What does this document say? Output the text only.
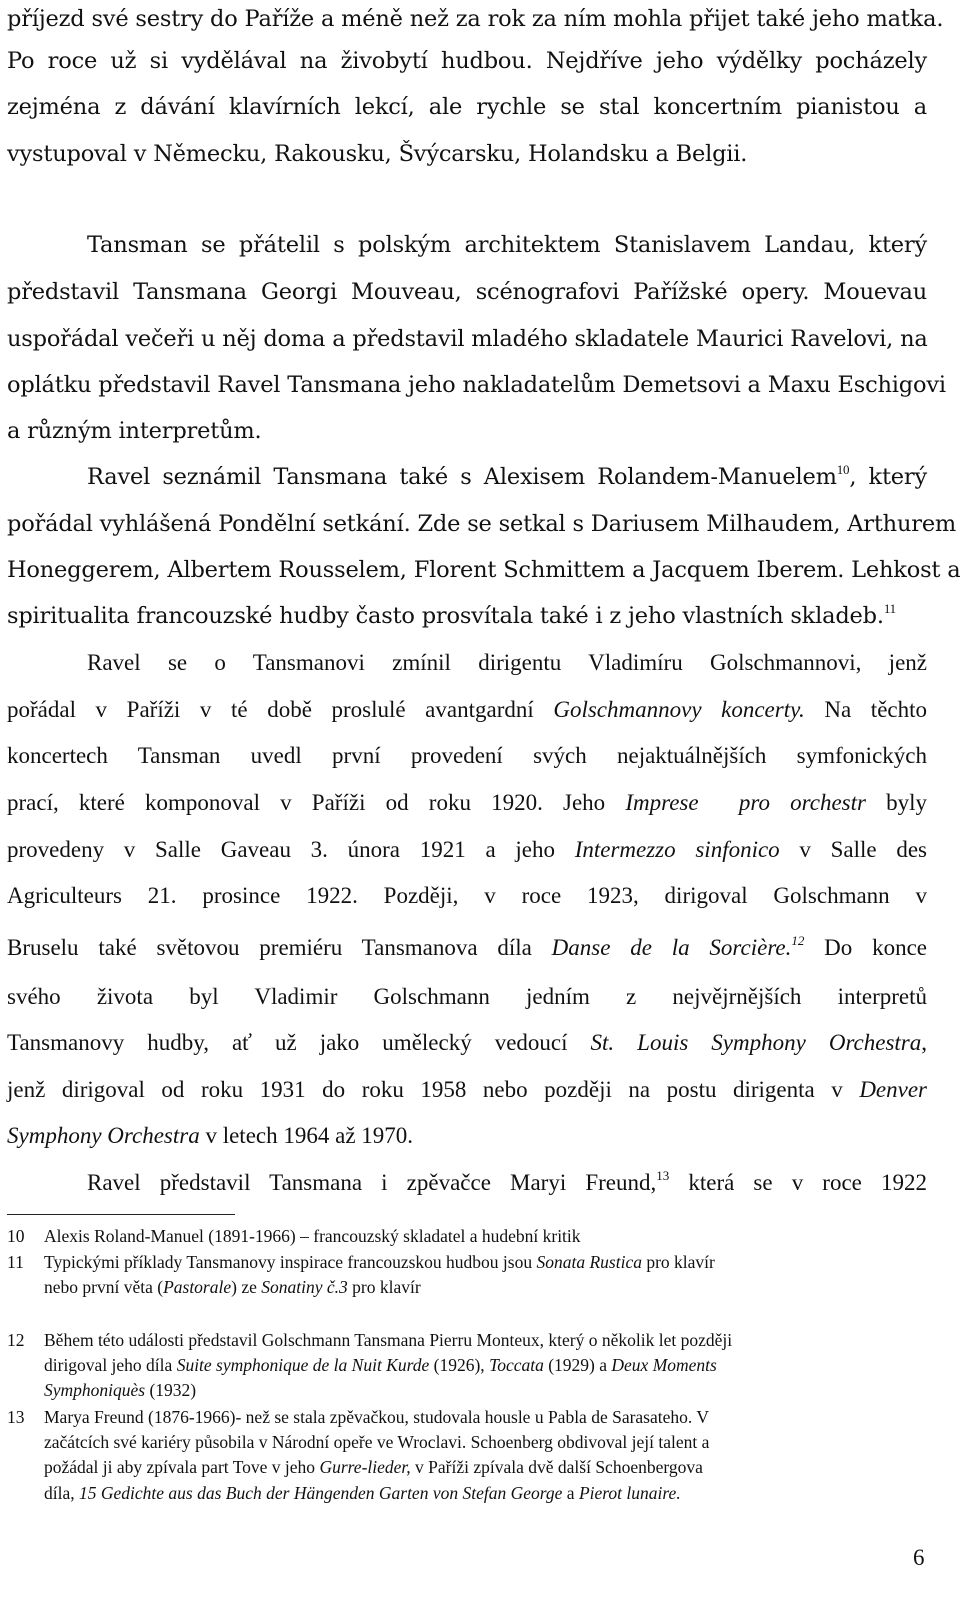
příjezd své sestry do Paříže a méně než za rok za ním mohla přijet také jeho matka.

Po roce už si vydělával na živobytí hudbou. Nejdříve jeho výdělky pocházely

zejména z dávání klavírních lekcí, ale rychle se stal koncertním pianistou a

vystupoval v Německu, Rakousku, Švýcarsku, Holandsku a Belgii.

Tansman se přátelil s polským architektem Stanislavem Landau, který

představil Tansmana Georgi Mouveau, scénografovi Pařížské opery. Mouevau

uspořádal večeři u něj doma a představil mladého skladatele Maurici Ravelovi, na

oplátku představil Ravel Tansmana jeho nakladatelům Demetsovi a Maxu Eschigovi

a různým interpretům.

Ravel seznámil Tansmana také s Alexisem Rolandem-Manuelem$^{10}$, který

pořádal vyhlášená Pondělní setkání. Zde se setkal s Dariusem Milhaudem, Arthurem

Honeggerem, Albertem Rousselem, Florent Schmittem a Jacquem Iberem. Lehkost a

spiritualita francouzské hudby často prosvítala také i z jeho vlastních skladeb.$^{11}$

Ravel se o Tansmanovi zmínil dirigentu Vladimíru Golschmannovi, jenž

pořádal v Paříži v té době proslulé avantgardní Golschmannovy koncerty. Na těchto

koncertech Tansman uvedl první provedení svých nejaktuálnějších symfonických

prací, které komponoval v Paříži od roku 1920. Jeho Imprese pro orchestr byly

provedeny v Salle Gaveau 3. února 1921 a jeho Intermezzo sinfonico v Salle des

Agriculteurs 21. prosince 1922. Později, v roce 1923, dirigoval Golschmann v

Bruselu také světovou premiéru Tansmanova díla Danse de la Sorcière.$^{12}$ Do konce

svého života byl Vladimir Golschmann jedním z nejvějrnějších interpretů

Tansmanovy hudby, ať už jako umělecký vedoucí St. Louis Symphony Orchestra,

jenž dirigoval od roku 1931 do roku 1958 nebo později na postu dirigenta v Denver

Symphony Orchestra v letech 1964 až 1970.

Ravel představil Tansmana i zpěvačce Maryi Freund,$^{13}$ která se v roce 1922

10 Alexis Roland-Manuel (1891-1966) – francouzský skladatel a hudební kritik
11 Typickými příklady Tansmanovy inspirace francouzskou hudbou jsou Sonata Rustica pro klavír
nebo první věta (Pastorale) ze Sonatiny č.3 pro klavír
12 Během této události představil Golschmann Tansmana Pierru Monteux, který o několik let později
dirigoval jeho díla Suite symphonique de la Nuit Kurde (1926), Toccata (1929) a Deux Moments
Symphoniquès (1932)
13 Marya Freund (1876-1966)- než se stala zpěvačkou, studovala housle u Pabla de Sarasateho. V
začátcích své kariéry působila v Národní opeře ve Wroclavi. Schoenberg obdivoval její talent a
požádal ji aby zpívala part Tove v jeho Gurre-lieder, v Paříži zpívala dvě další Schoenbergova
díla, 15 Gedichte aus das Buch der Hängenden Garten von Stefan George a Pierot lunaire.
6
